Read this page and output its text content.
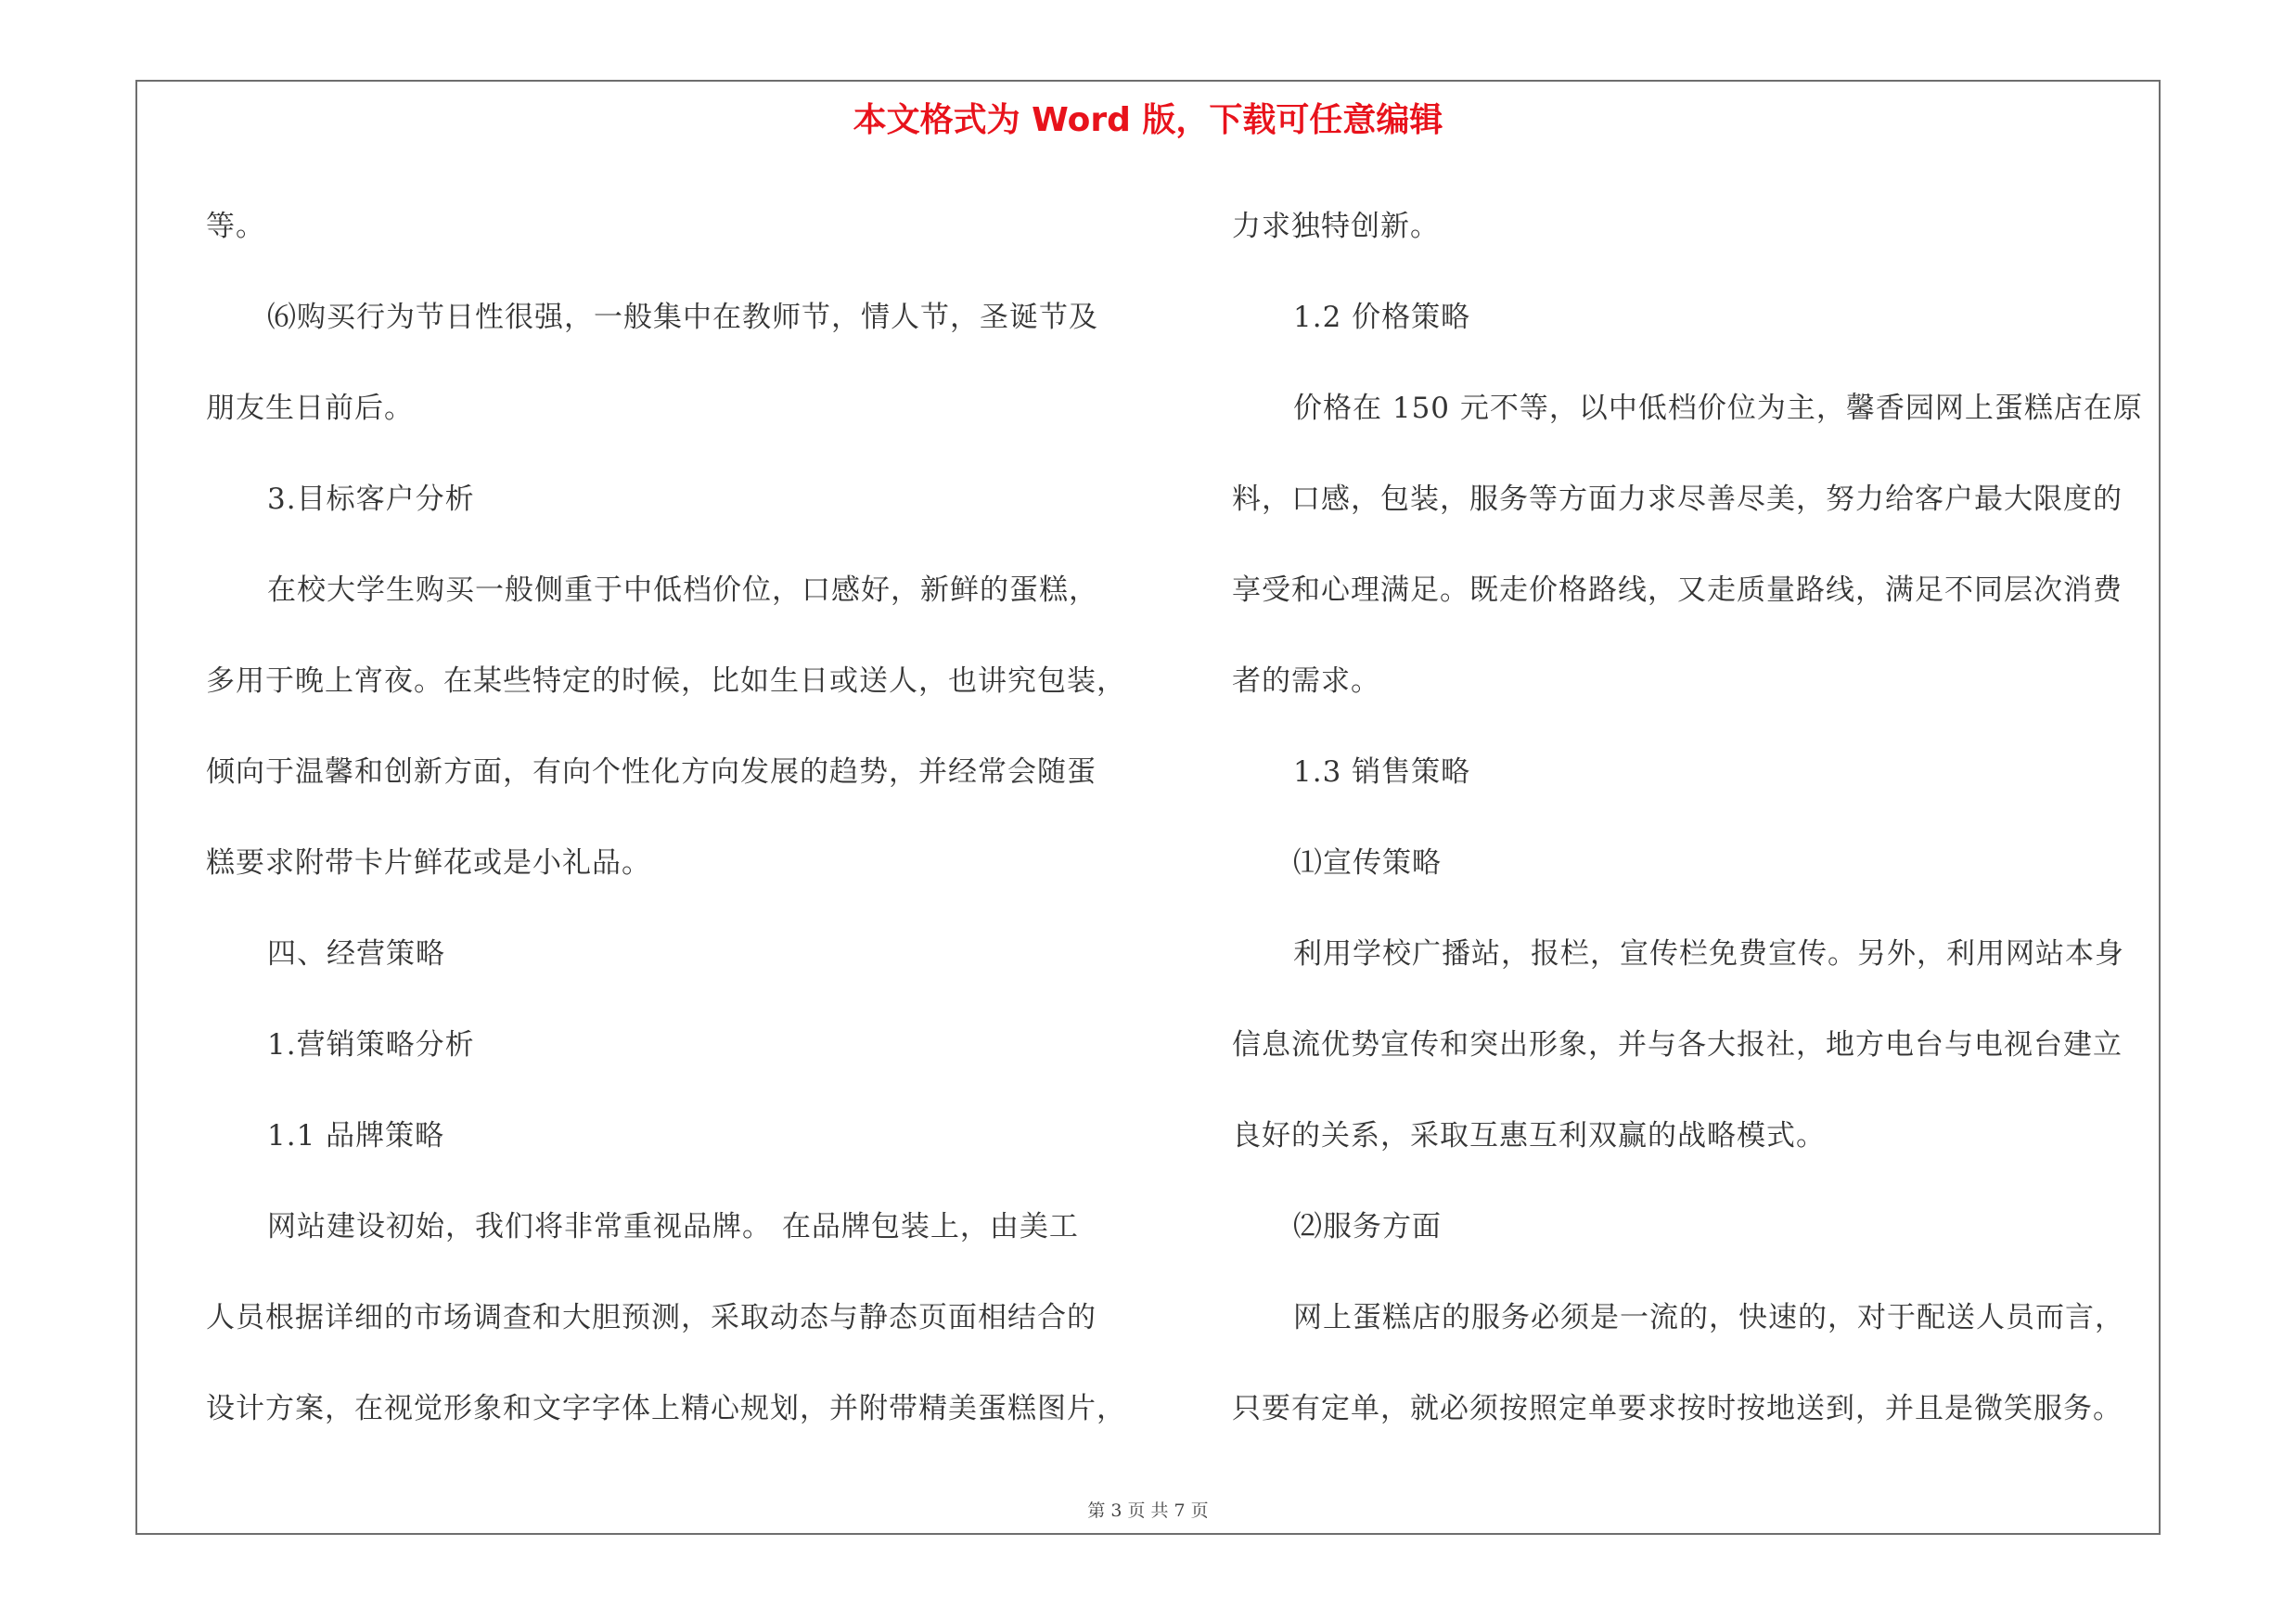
本文格式为 Word 版，下载可任意编辑

等。

⑹购买行为节日性很强，一般集中在教师节，情人节，圣诞节及

朋友生日前后。

3.目标客户分析

在校大学生购买一般侧重于中低档价位，口感好，新鲜的蛋糕，

多用于晚上宵夜。在某些特定的时候，比如生日或送人，也讲究包装，

倾向于温馨和创新方面，有向个性化方向发展的趋势，并经常会随蛋

糕要求附带卡片鲜花或是小礼品。

四、经营策略

1.营销策略分析

1.1 品牌策略

网站建设初始，我们将非常重视品牌。 在品牌包装上，由美工

人员根据详细的市场调查和大胆预测，采取动态与静态页面相结合的

设计方案，在视觉形象和文字字体上精心规划，并附带精美蛋糕图片，

力求独特创新。

1.2 价格策略

价格在 150 元不等，以中低档价位为主，馨香园网上蛋糕店在原

料，口感，包装，服务等方面力求尽善尽美，努力给客户最大限度的

享受和心理满足。既走价格路线，又走质量路线，满足不同层次消费

者的需求。

1.3 销售策略

⑴宣传策略

利用学校广播站，报栏，宣传栏免费宣传。另外，利用网站本身

信息流优势宣传和突出形象，并与各大报社，地方电台与电视台建立

良好的关系，采取互惠互利双赢的战略模式。

⑵服务方面

网上蛋糕店的服务必须是一流的，快速的，对于配送人员而言，

只要有定单，就必须按照定单要求按时按地送到，并且是微笑服务。

第 3 页 共 7 页
